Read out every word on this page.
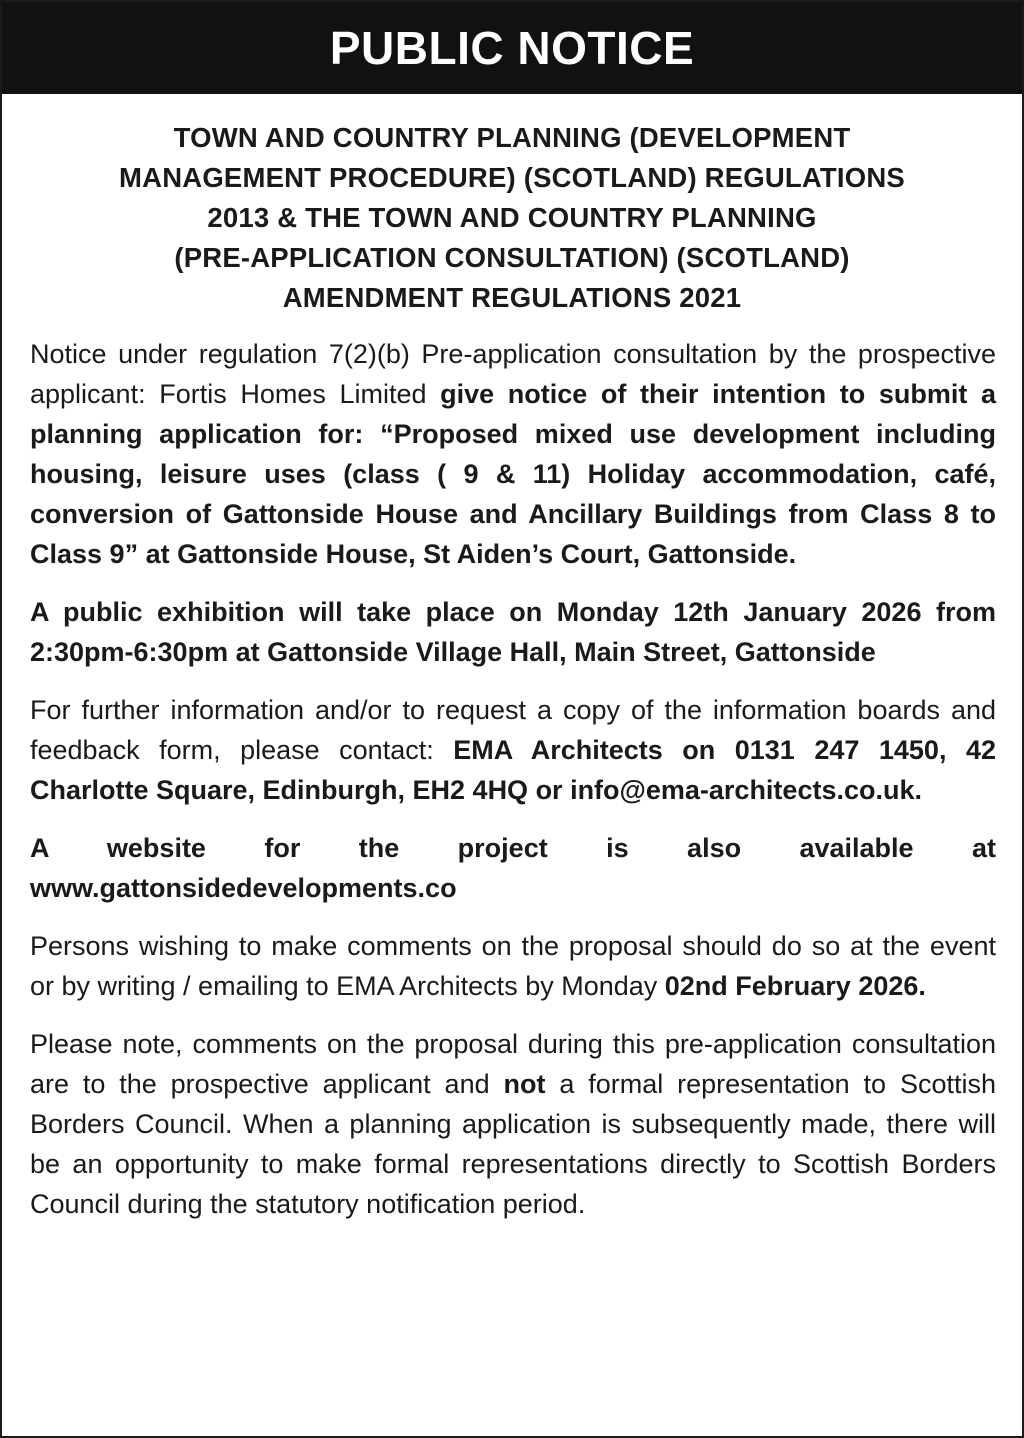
PUBLIC NOTICE
TOWN AND COUNTRY PLANNING (DEVELOPMENT
MANAGEMENT PROCEDURE) (SCOTLAND) REGULATIONS
2013 & THE TOWN AND COUNTRY PLANNING
(PRE-APPLICATION CONSULTATION) (SCOTLAND)
AMENDMENT REGULATIONS 2021

Notice under regulation 7(2)(b) Pre-application consultation by the prospective applicant: Fortis Homes Limited give notice of their intention to submit a planning application for: “Proposed mixed use development including housing, leisure uses (class ( 9 & 11) Holiday accommodation, café, conversion of Gattonside House and Ancillary Buildings from Class 8 to Class 9” at Gattonside House, St Aiden’s Court, Gattonside.

A public exhibition will take place on Monday 12th January 2026 from 2:30pm-6:30pm at Gattonside Village Hall, Main Street, Gattonside

For further information and/or to request a copy of the information boards and feedback form, please contact: EMA Architects on 0131 247 1450, 42 Charlotte Square, Edinburgh, EH2 4HQ or info@ema-architects.co.uk.

A website for the project is also available at www.gattonsidedevelopments.co

Persons wishing to make comments on the proposal should do so at the event or by writing / emailing to EMA Architects by Monday 02nd February 2026.

Please note, comments on the proposal during this pre-application consultation are to the prospective applicant and not a formal representation to Scottish Borders Council. When a planning application is subsequently made, there will be an opportunity to make formal representations directly to Scottish Borders Council during the statutory notification period.
